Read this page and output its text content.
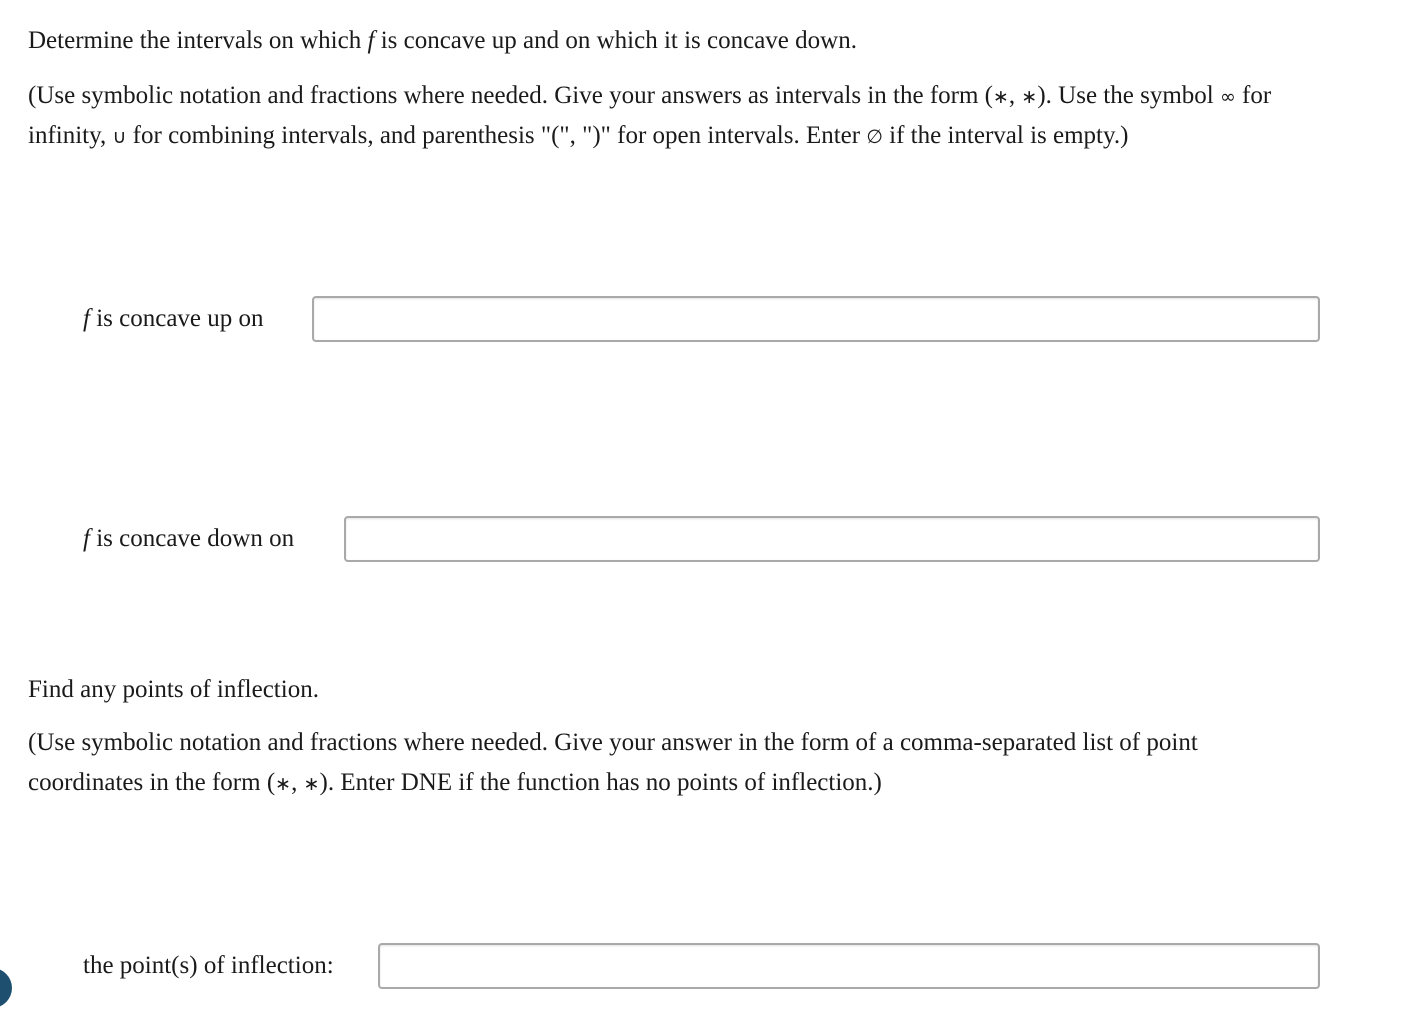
Determine the intervals on which f is concave up and on which it is concave down.

(Use symbolic notation and fractions where needed. Give your answers as intervals in the form (∗, ∗). Use the symbol ∞ for

infinity, ∪ for combining intervals, and parenthesis "(", ")" for open intervals. Enter ∅ if the interval is empty.)

f is concave up on
f is concave down on

Find any points of inflection.

(Use symbolic notation and fractions where needed. Give your answer in the form of a comma-separated list of point

coordinates in the form (∗, ∗). Enter DNE if the function has no points of inflection.)

the point(s) of inflection:
